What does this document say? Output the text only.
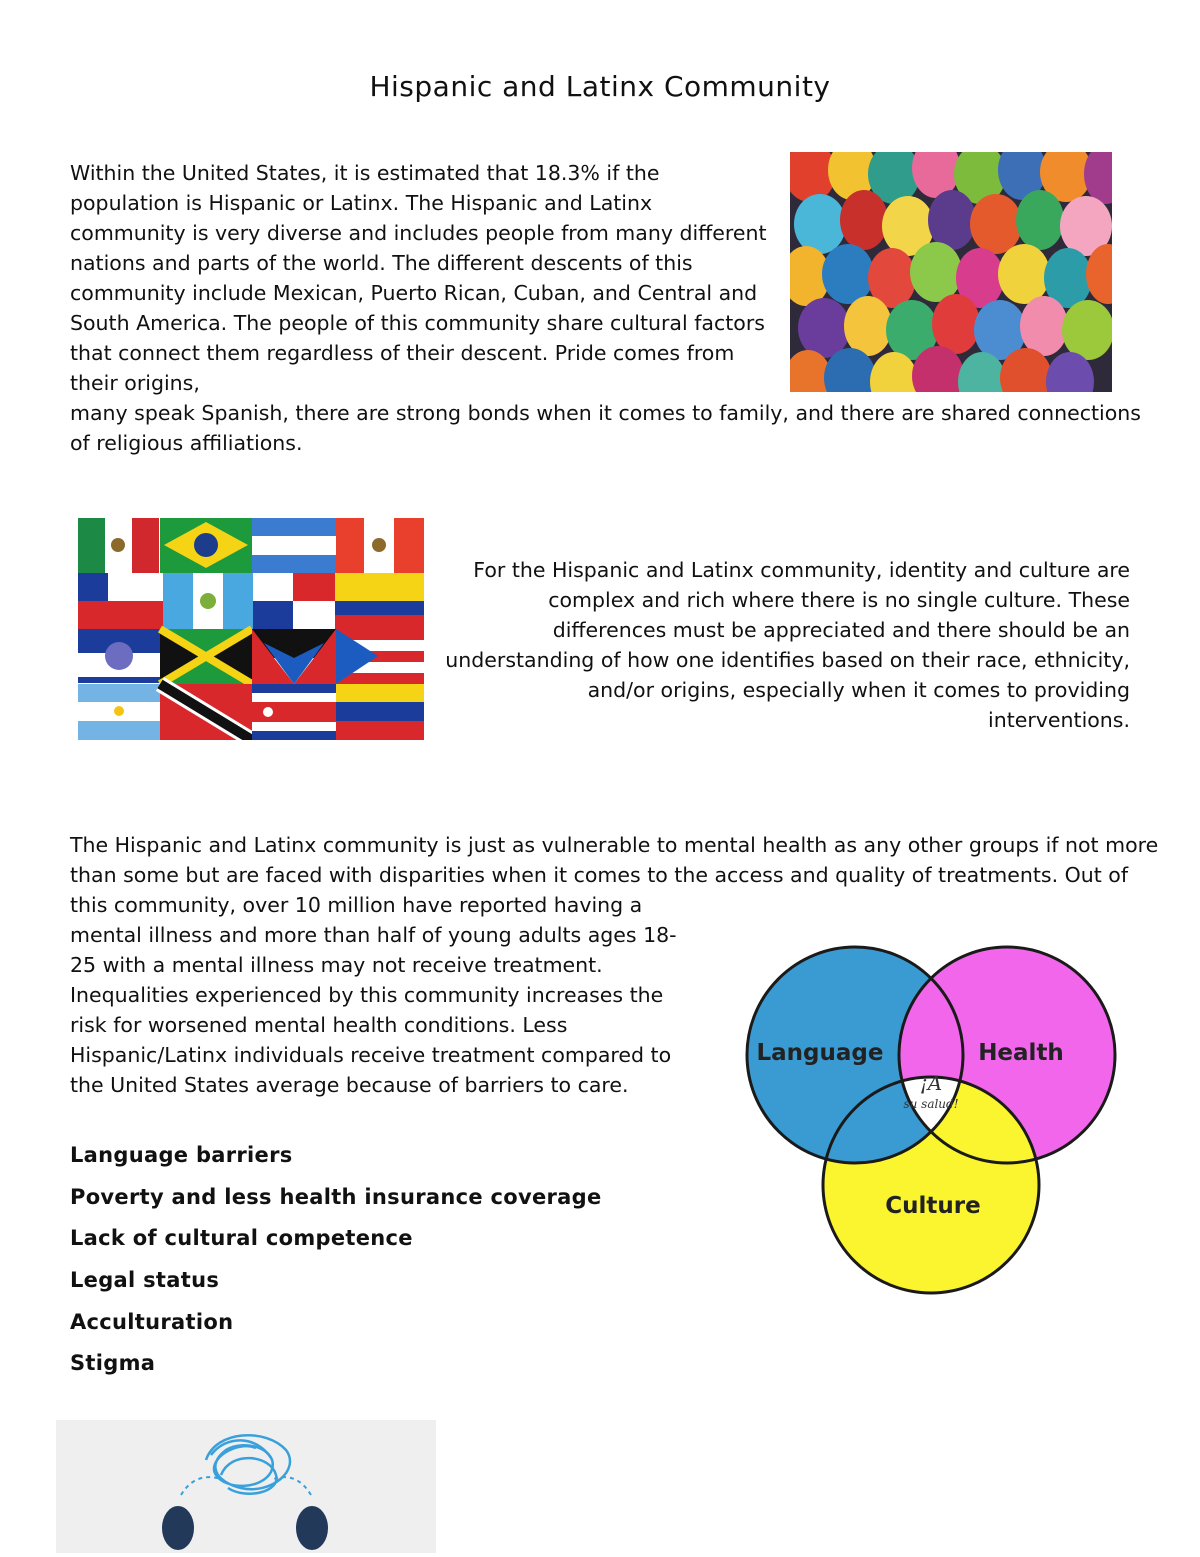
Hispanic and Latinx Community

Within the United States, it is estimated that 18.3% if the population is Hispanic or Latinx. The Hispanic and Latinx community is very diverse and includes people from many different nations and parts of the world. The different descents of this community include Mexican, Puerto Rican, Cuban, and Central and South America. The people of this community share cultural factors that connect them regardless of their descent. Pride comes from their origins,

many speak Spanish, there are strong bonds when it comes to family, and there are shared connections of religious affiliations.

For the Hispanic and Latinx community, identity and culture are complex and rich where there is no single culture. These differences must be appreciated and there should be an understanding of how one identifies based on their race, ethnicity, and/or origins, especially when it comes to providing interventions.

The Hispanic and Latinx community is just as vulnerable to mental health as any other groups if not more than some but are faced with disparities when it comes to the access and quality of treatments. Out of this community, over 10 million have reported having a

mental illness and more than half of young adults ages 18-25 with a mental illness may not receive treatment. Inequalities experienced by this community increases the risk for worsened mental health conditions. Less Hispanic/Latinx individuals receive treatment compared to the United States average because of barriers to care.

Language barriers
Poverty and less health insurance coverage
Lack of cultural competence
Legal status
Acculturation
Stigma
Language	Health
Culture
¡A
su salud!
